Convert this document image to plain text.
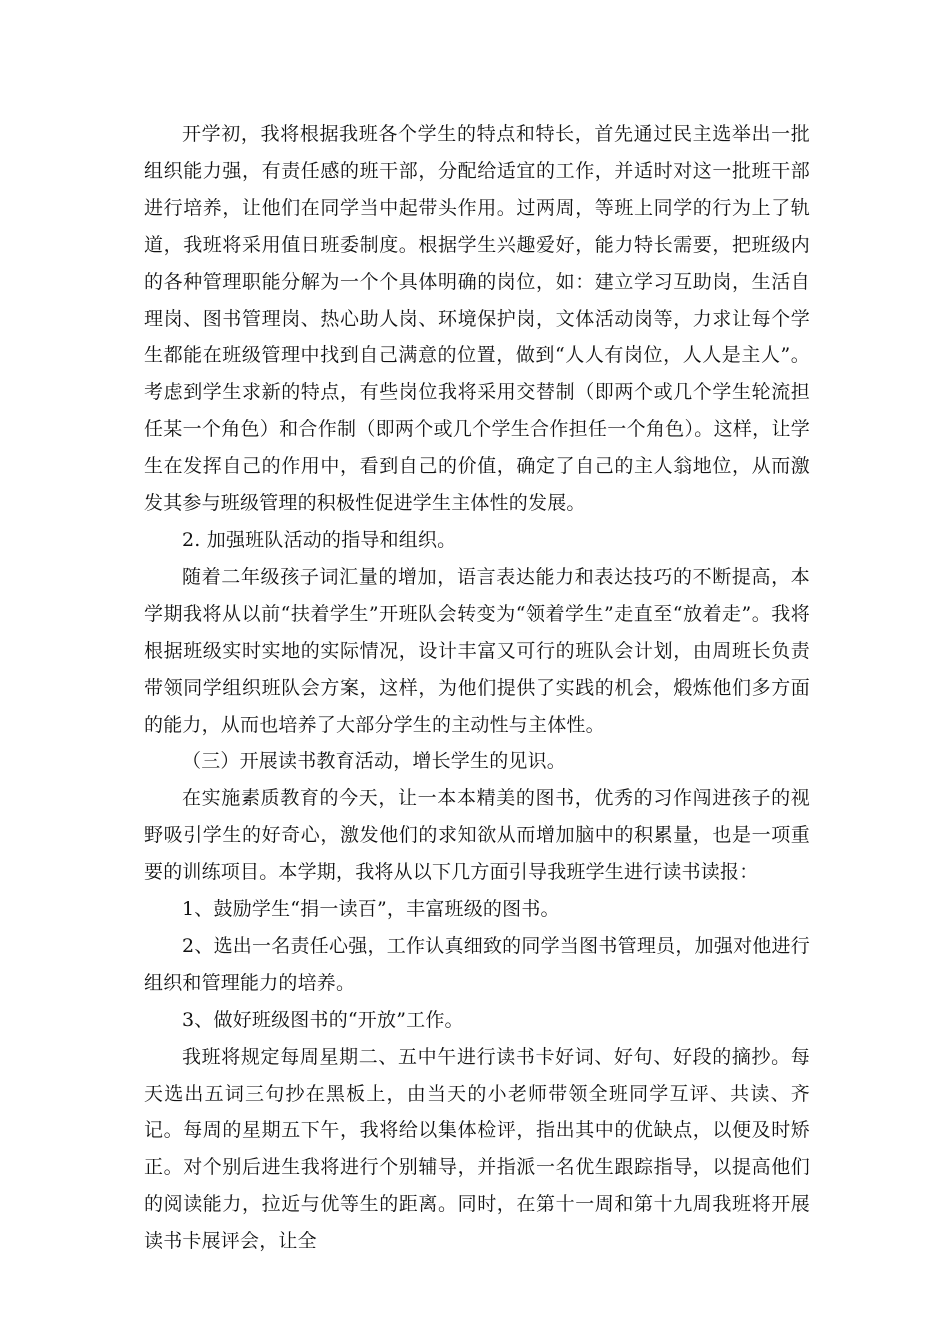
开学初，我将根据我班各个学生的特点和特长，首先通过民主选举出一批组织能力强，有责任感的班干部，分配给适宜的工作，并适时对这一批班干部进行培养，让他们在同学当中起带头作用。过两周，等班上同学的行为上了轨道，我班将采用值日班委制度。根据学生兴趣爱好，能力特长需要，把班级内的各种管理职能分解为一个个具体明确的岗位，如：建立学习互助岗，生活自理岗、图书管理岗、热心助人岗、环境保护岗，文体活动岗等，力求让每个学生都能在班级管理中找到自己满意的位置，做到“人人有岗位，人人是主人”。考虑到学生求新的特点，有些岗位我将采用交替制（即两个或几个学生轮流担任某一个角色）和合作制（即两个或几个学生合作担任一个角色）。这样，让学生在发挥自己的作用中，看到自己的价值，确定了自己的主人翁地位，从而激发其参与班级管理的积极性促进学生主体性的发展。

2. 加强班队活动的指导和组织。

随着二年级孩子词汇量的增加，语言表达能力和表达技巧的不断提高，本学期我将从以前“扶着学生”开班队会转变为“领着学生”走直至“放着走”。我将根据班级实时实地的实际情况，设计丰富又可行的班队会计划，由周班长负责带领同学组织班队会方案，这样，为他们提供了实践的机会，煅炼他们多方面的能力，从而也培养了大部分学生的主动性与主体性。

（三）开展读书教育活动，增长学生的见识。

在实施素质教育的今天，让一本本精美的图书，优秀的习作闯进孩子的视野吸引学生的好奇心，激发他们的求知欲从而增加脑中的积累量，也是一项重要的训练项目。本学期，我将从以下几方面引导我班学生进行读书读报：

1、鼓励学生“捐一读百”，丰富班级的图书。

2、选出一名责任心强，工作认真细致的同学当图书管理员，加强对他进行组织和管理能力的培养。

3、做好班级图书的“开放”工作。

我班将规定每周星期二、五中午进行读书卡好词、好句、好段的摘抄。每天选出五词三句抄在黑板上，由当天的小老师带领全班同学互评、共读、齐记。每周的星期五下午，我将给以集体检评，指出其中的优缺点，以便及时矫正。对个别后进生我将进行个别辅导，并指派一名优生跟踪指导，以提高他们的阅读能力，拉近与优等生的距离。同时，在第十一周和第十九周我班将开展读书卡展评会，让全
